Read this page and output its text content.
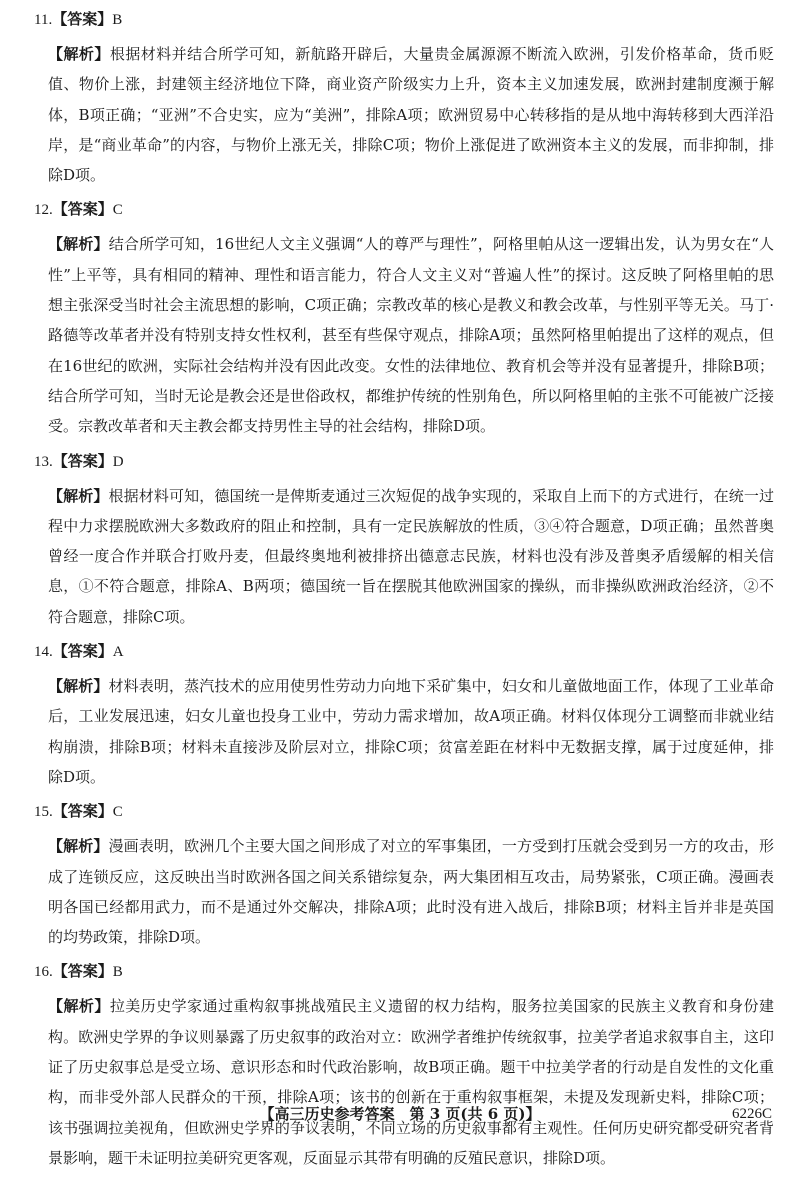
11.【答案】B

【解析】根据材料并结合所学可知，新航路开辟后，大量贵金属源源不断流入欧洲，引发价格革命，货币贬值、物价上涨，封建领主经济地位下降，商业资产阶级实力上升，资本主义加速发展，欧洲封建制度濒于解体，B项正确；“亚洲”不合史实，应为“美洲”，排除A项；欧洲贸易中心转移指的是从地中海转移到大西洋沿岸，是“商业革命”的内容，与物价上涨无关，排除C项；物价上涨促进了欧洲资本主义的发展，而非抑制，排除D项。

12.【答案】C

【解析】结合所学可知，16世纪人文主义强调“人的尊严与理性”，阿格里帕从这一逻辑出发，认为男女在“人性”上平等，具有相同的精神、理性和语言能力，符合人文主义对“普遍人性”的探讨。这反映了阿格里帕的思想主张深受当时社会主流思想的影响，C项正确；宗教改革的核心是教义和教会改革，与性别平等无关。马丁·路德等改革者并没有特别支持女性权利，甚至有些保守观点，排除A项；虽然阿格里帕提出了这样的观点，但在16世纪的欧洲，实际社会结构并没有因此改变。女性的法律地位、教育机会等并没有显著提升，排除B项；结合所学可知，当时无论是教会还是世俗政权，都维护传统的性别角色，所以阿格里帕的主张不可能被广泛接受。宗教改革者和天主教会都支持男性主导的社会结构，排除D项。

13.【答案】D

【解析】根据材料可知，德国统一是俾斯麦通过三次短促的战争实现的，采取自上而下的方式进行，在统一过程中力求摆脱欧洲大多数政府的阻止和控制，具有一定民族解放的性质，③④符合题意，D项正确；虽然普奥曾经一度合作并联合打败丹麦，但最终奥地利被排挤出德意志民族，材料也没有涉及普奥矛盾缓解的相关信息，①不符合题意，排除A、B两项；德国统一旨在摆脱其他欧洲国家的操纵，而非操纵欧洲政治经济，②不符合题意，排除C项。

14.【答案】A

【解析】材料表明，蒸汽技术的应用使男性劳动力向地下采矿集中，妇女和儿童做地面工作，体现了工业革命后，工业发展迅速，妇女儿童也投身工业中，劳动力需求增加，故A项正确。材料仅体现分工调整而非就业结构崩溃，排除B项；材料未直接涉及阶层对立，排除C项；贫富差距在材料中无数据支撑，属于过度延伸，排除D项。

15.【答案】C

【解析】漫画表明，欧洲几个主要大国之间形成了对立的军事集团，一方受到打压就会受到另一方的攻击，形成了连锁反应，这反映出当时欧洲各国之间关系错综复杂，两大集团相互攻击，局势紧张，C项正确。漫画表明各国已经都用武力，而不是通过外交解决，排除A项；此时没有进入战后，排除B项；材料主旨并非是英国的均势政策，排除D项。

16.【答案】B

【解析】拉美历史学家通过重构叙事挑战殖民主义遗留的权力结构，服务拉美国家的民族主义教育和身份建构。欧洲史学界的争议则暴露了历史叙事的政治对立：欧洲学者维护传统叙事，拉美学者追求叙事自主，这印证了历史叙事总是受立场、意识形态和时代政治影响，故B项正确。题干中拉美学者的行动是自发性的文化重构，而非受外部人民群众的干预，排除A项；该书的创新在于重构叙事框架，未提及发现新史料，排除C项；该书强调拉美视角，但欧洲史学界的争议表明，不同立场的历史叙事都有主观性。任何历史研究都受研究者背景影响，题干未证明拉美研究更客观，反面显示其带有明确的反殖民意识，排除D项。

【高三历史参考答案　第 3 页(共 6 页)】	6226C
